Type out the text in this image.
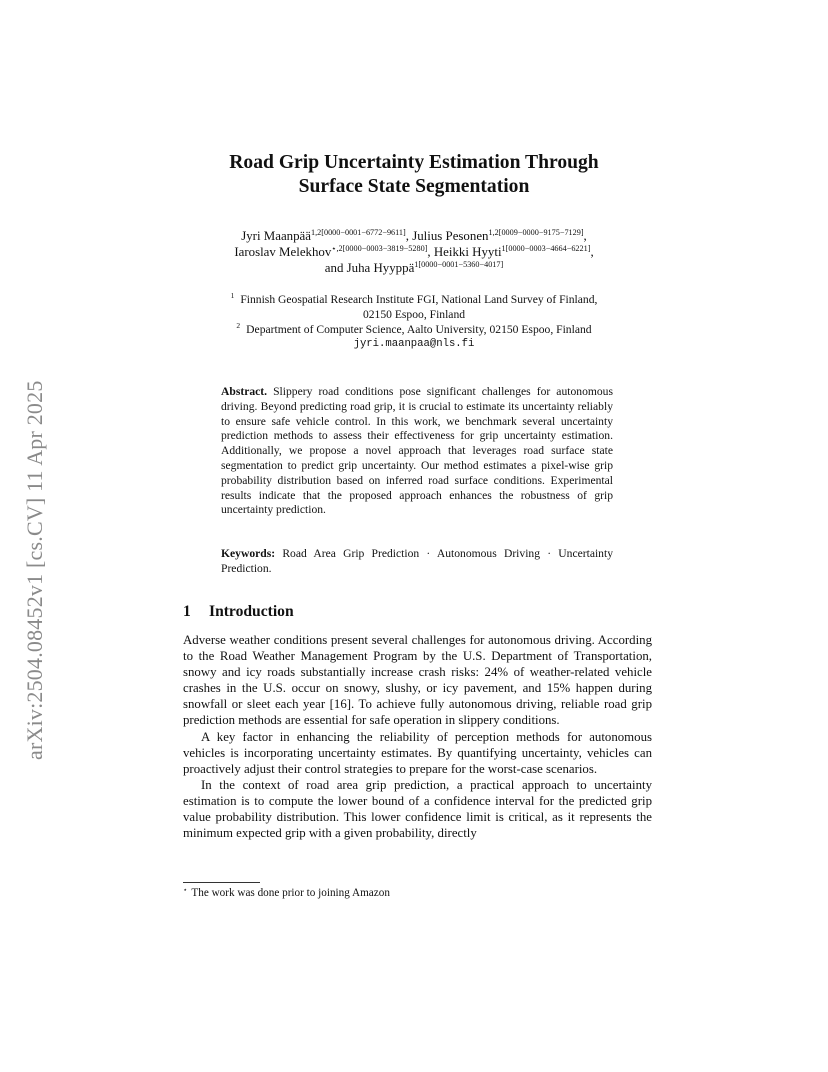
arXiv:2504.08452v1 [cs.CV] 11 Apr 2025
Road Grip Uncertainty Estimation Through
Surface State Segmentation
Jyri Maanpää$^{1,2[0000-0001-6772-9611]}$, Julius Pesonen$^{1,2[0009-0000-9175-7129]}$,
Iaroslav Melekhov$^{⋆,2[0000-0003-3819-5280]}$, Heikki Hyyti$^{1[0000-0003-4664-6221]}$,
and Juha Hyyppä$^{1[0000-0001-5360-4017]}$
$^1$ Finnish Geospatial Research Institute FGI, National Land Survey of Finland,
02150 Espoo, Finland
$^2$ Department of Computer Science, Aalto University, 02150 Espoo, Finland
jyri.maanpaa@nls.fi
Abstract. Slippery road conditions pose significant challenges for autonomous driving. Beyond predicting road grip, it is crucial to estimate its uncertainty reliably to ensure safe vehicle control. In this work, we benchmark several uncertainty prediction methods to assess their effectiveness for grip uncertainty estimation. Additionally, we propose a novel approach that leverages road surface state segmentation to predict grip uncertainty. Our method estimates a pixel-wise grip probability distribution based on inferred road surface conditions. Experimental results indicate that the proposed approach enhances the robustness of grip uncertainty prediction.
Keywords: Road Area Grip Prediction · Autonomous Driving · Uncertainty Prediction.
1 Introduction

Adverse weather conditions present several challenges for autonomous driving. According to the Road Weather Management Program by the U.S. Department of Transportation, snowy and icy roads substantially increase crash risks: 24% of weather-related vehicle crashes in the U.S. occur on snowy, slushy, or icy pavement, and 15% happen during snowfall or sleet each year [16]. To achieve fully autonomous driving, reliable road grip prediction methods are essential for safe operation in slippery conditions.

A key factor in enhancing the reliability of perception methods for autonomous vehicles is incorporating uncertainty estimates. By quantifying uncertainty, vehicles can proactively adjust their control strategies to prepare for the worst-case scenarios.

In the context of road area grip prediction, a practical approach to uncertainty estimation is to compute the lower bound of a confidence interval for the predicted grip value probability distribution. This lower confidence limit is critical, as it represents the minimum expected grip with a given probability, directly

⋆ The work was done prior to joining Amazon
